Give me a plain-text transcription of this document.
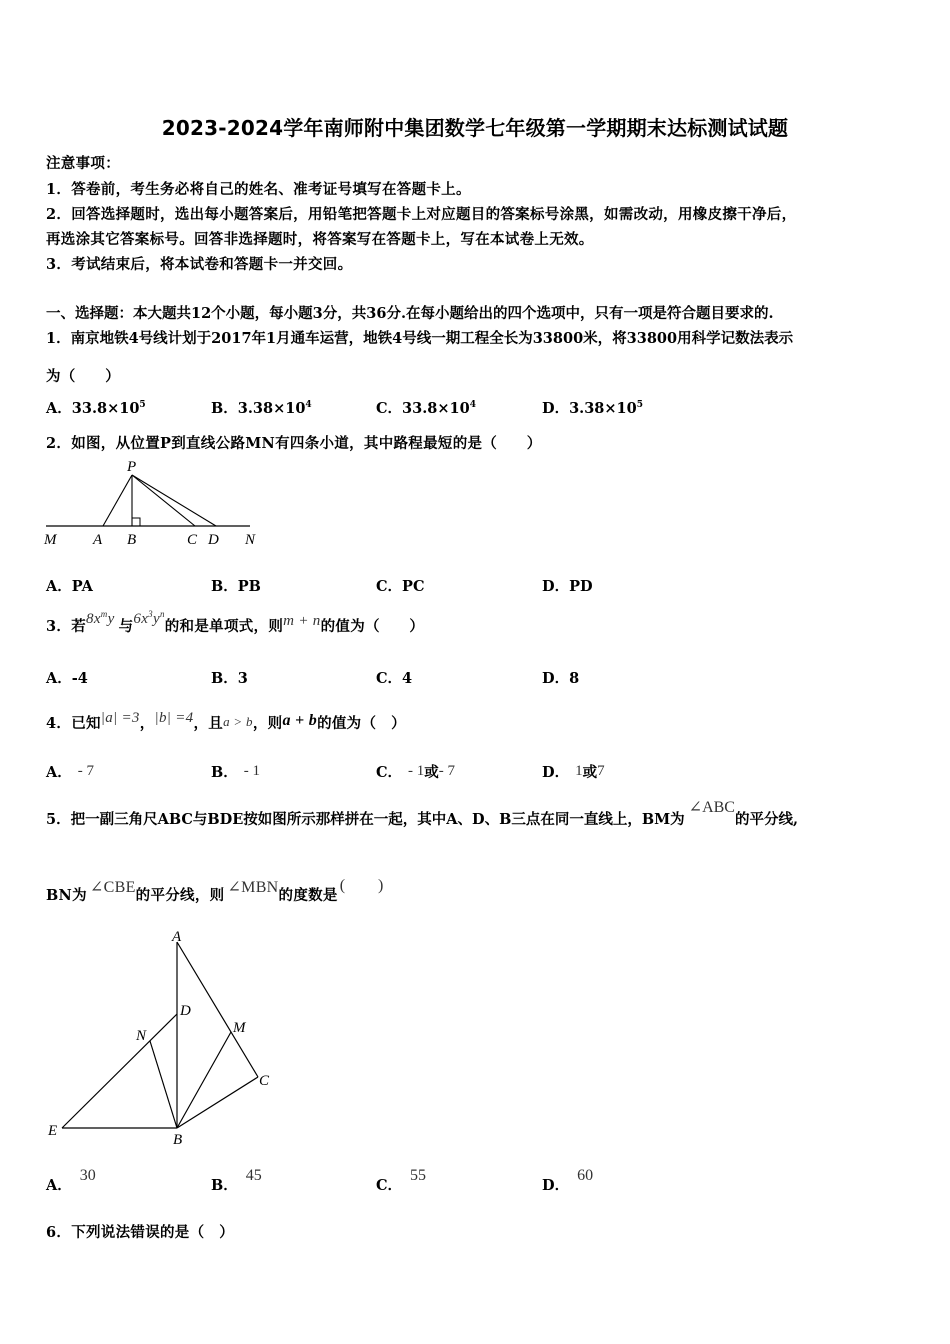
2023-2024学年南师附中集团数学七年级第一学期期末达标测试试题
注意事项：
1．答卷前，考生务必将自己的姓名、准考证号填写在答题卡上。
2．回答选择题时，选出每小题答案后，用铅笔把答题卡上对应题目的答案标号涂黑，如需改动，用橡皮擦干净后，
再选涂其它答案标号。回答非选择题时，将答案写在答题卡上，写在本试卷上无效。
3．考试结束后，将本试卷和答题卡一并交回。
一、选择题：本大题共12个小题，每小题3分，共36分.在每小题给出的四个选项中，只有一项是符合题目要求的.
1．南京地铁4号线计划于2017年1月通车运营，地铁4号线一期工程全长为33800米，将33800用科学记数法表示
为（　　）
A．$33.8\times 10^5$	B．$3.38\times 10^4$	C．$33.8\times 10^4$	D．$3.38\times 10^5$
2．如图，从位置P到直线公路MN有四条小道，其中路程最短的是（　　）
P
M A B	C D N
A．PA	B．PB	C．PC	D．PD
3．若$8x^my$ 与$6x^3y^n$的和是单项式，则m + n的值为（　　）
A．-4	B．3	C．4	D．8
4．已知|a| =3，|b| =4，且a > b，则a + b的值为（　）
A． - 7	B． - 1	C． - 1或- 7	D． 1或7
5．把一副三角尺ABC与BDE按如图所示那样拼在一起，其中A、D、B三点在同一直线上，BM为∠ABC的平分线,
BN为 ∠CBE的平分线，则 ∠MBN的度数是(　　)
A
D
M
N
C
E
B
A．30
B．45
C．55
D．60
6．下列说法错误的是（　）
